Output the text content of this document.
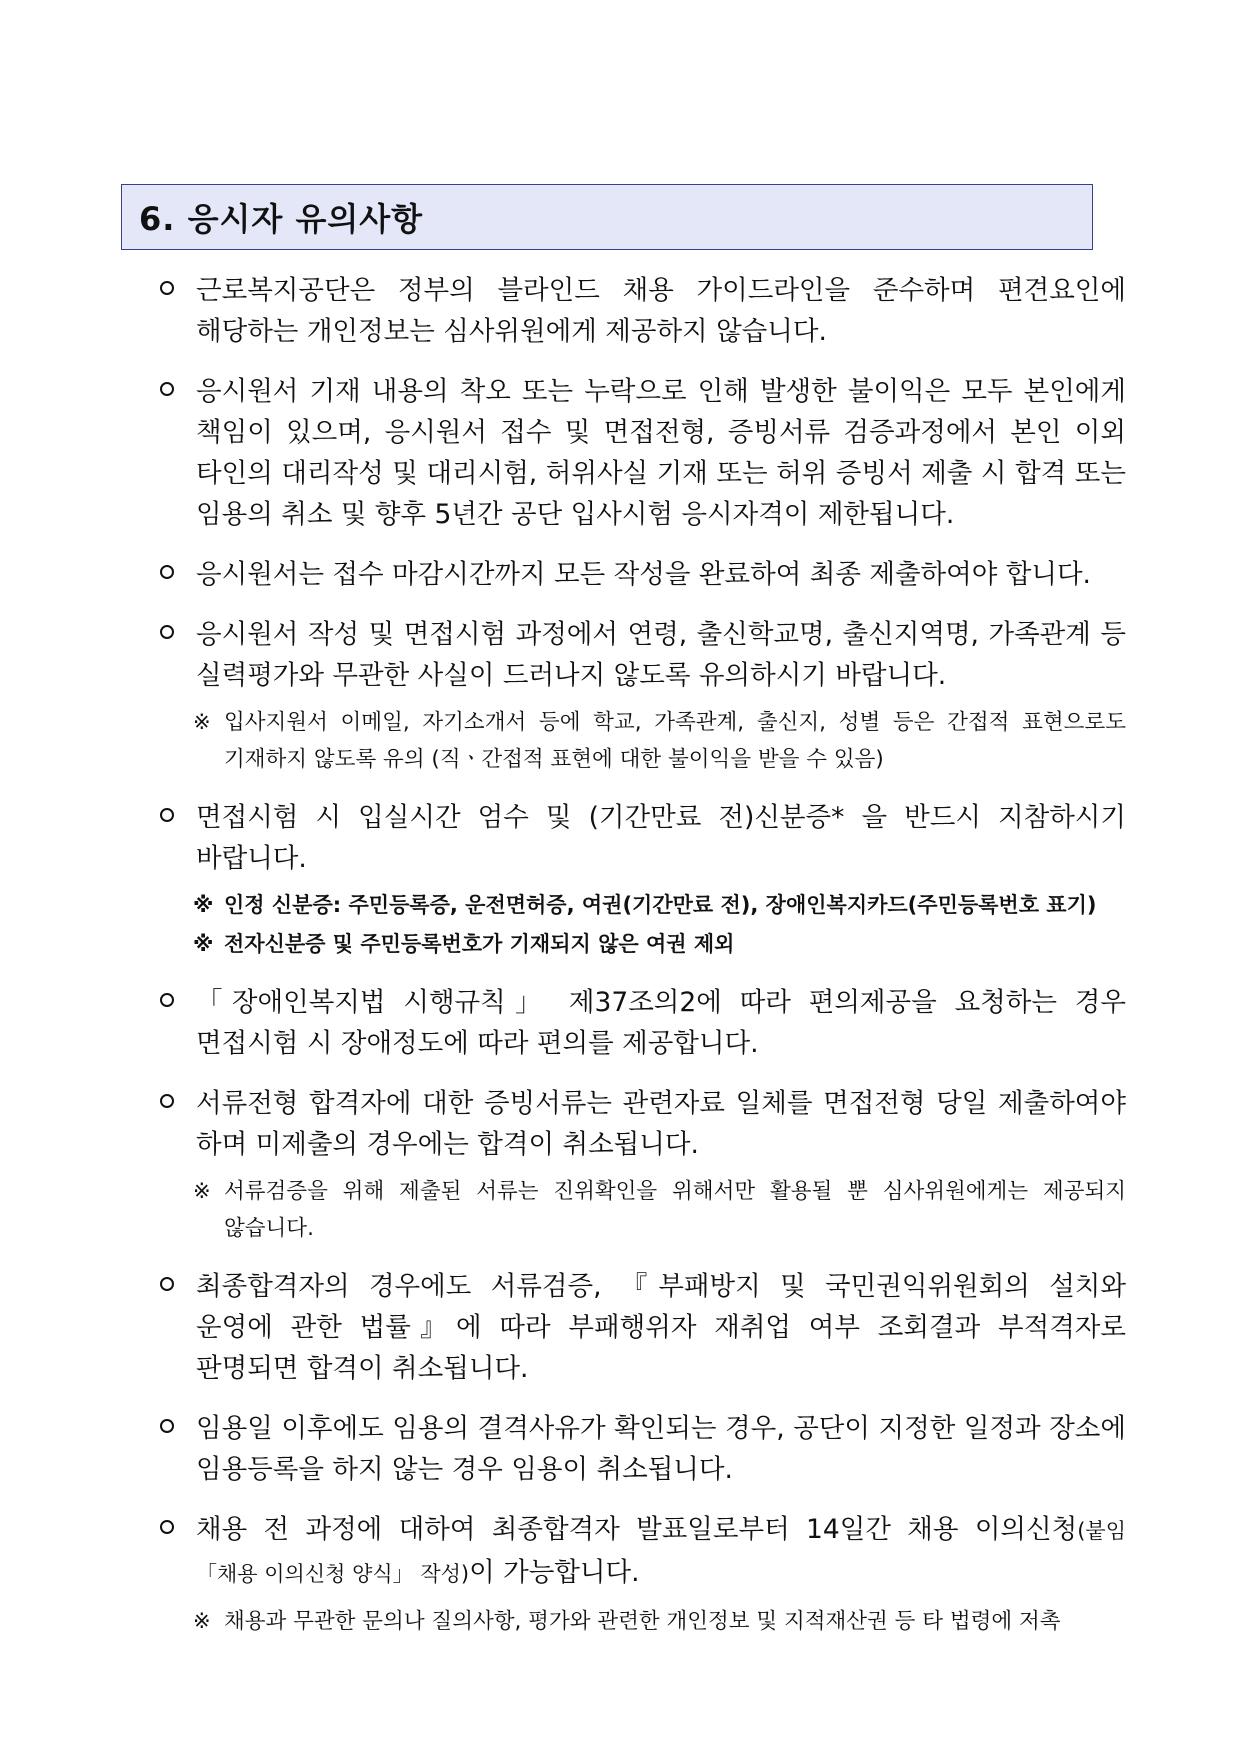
6. 응시자 유의사항
근로복지공단은 정부의 블라인드 채용 가이드라인을 준수하며 편견요인에 해당하는 개인정보는 심사위원에게 제공하지 않습니다.
응시원서 기재 내용의 착오 또는 누락으로 인해 발생한 불이익은 모두 본인에게 책임이 있으며, 응시원서 접수 및 면접전형, 증빙서류 검증과정에서 본인 이외 타인의 대리작성 및 대리시험, 허위사실 기재 또는 허위 증빙서 제출 시 합격 또는 임용의 취소 및 향후 5년간 공단 입사시험 응시자격이 제한됩니다.
응시원서는 접수 마감시간까지 모든 작성을 완료하여 최종 제출하여야 합니다.
응시원서 작성 및 면접시험 과정에서 연령, 출신학교명, 출신지역명, 가족관계 등 실력평가와 무관한 사실이 드러나지 않도록 유의하시기 바랍니다.
※ 입사지원서 이메일, 자기소개서 등에 학교, 가족관계, 출신지, 성별 등은 간접적 표현으로도 기재하지 않도록 유의 (직ㆍ간접적 표현에 대한 불이익을 받을 수 있음)
면접시험 시 입실시간 엄수 및 (기간만료 전)신분증* 을 반드시 지참하시기 바랍니다.
※ 인정 신분증: 주민등록증, 운전면허증, 여권(기간만료 전), 장애인복지카드(주민등록번호 표기)
※ 전자신분증 및 주민등록번호가 기재되지 않은 여권 제외
「장애인복지법 시행규칙」 제37조의2에 따라 편의제공을 요청하는 경우 면접시험 시 장애정도에 따라 편의를 제공합니다.
서류전형 합격자에 대한 증빙서류는 관련자료 일체를 면접전형 당일 제출하여야 하며 미제출의 경우에는 합격이 취소됩니다.
※ 서류검증을 위해 제출된 서류는 진위확인을 위해서만 활용될 뿐 심사위원에게는 제공되지 않습니다.
최종합격자의 경우에도 서류검증, 『부패방지 및 국민권익위원회의 설치와 운영에 관한 법률』에 따라 부패행위자 재취업 여부 조회결과 부적격자로 판명되면 합격이 취소됩니다.
임용일 이후에도 임용의 결격사유가 확인되는 경우, 공단이 지정한 일정과 장소에 임용등록을 하지 않는 경우 임용이 취소됩니다.
채용 전 과정에 대하여 최종합격자 발표일로부터 14일간 채용 이의신청(붙임 「채용 이의신청 양식」 작성)이 가능합니다.
※ 채용과 무관한 문의나 질의사항, 평가와 관련한 개인정보 및 지적재산권 등 타 법령에 저촉
